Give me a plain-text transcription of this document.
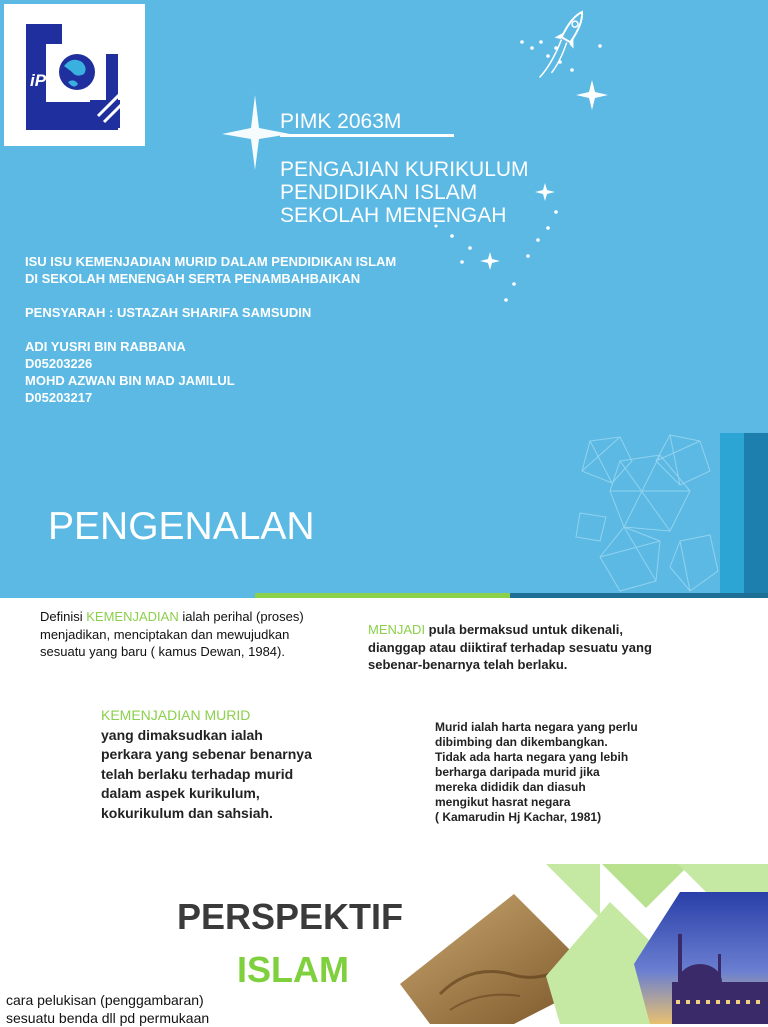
iPG
PIMK 2063M
PENGAJIAN KURIKULUM
PENDIDIKAN ISLAM
SEKOLAH MENENGAH
ISU ISU KEMENJADIAN MURID DALAM PENDIDIKAN ISLAM
DI SEKOLAH MENENGAH SERTA PENAMBAHBAIKAN
PENSYARAH : USTAZAH SHARIFA SAMSUDIN
ADI YUSRI BIN RABBANA
D05203226
MOHD AZWAN BIN MAD JAMILUL
D05203217
PENGENALAN
Definisi KEMENJADIAN ialah perihal (proses) menjadikan, menciptakan dan mewujudkan sesuatu yang baru ( kamus Dewan, 1984).
MENJADI pula bermaksud untuk dikenali, dianggap atau diiktiraf terhadap sesuatu yang sebenar-benarnya telah berlaku.
KEMENJADIAN MURID
yang dimaksudkan ialah perkara yang sebenar benarnya telah berlaku terhadap murid dalam aspek kurikulum, kokurikulum dan sahsiah.
Murid ialah harta negara yang perlu
dibimbing dan dikembangkan.
Tidak ada harta negara yang lebih
berharga daripada murid jika
mereka dididik dan diasuh
mengikut hasrat negara
( Kamarudin Hj Kachar, 1981)
PERSPEKTIF
ISLAM
cara pelukisan (penggambaran)
sesuatu benda dll pd permukaan
